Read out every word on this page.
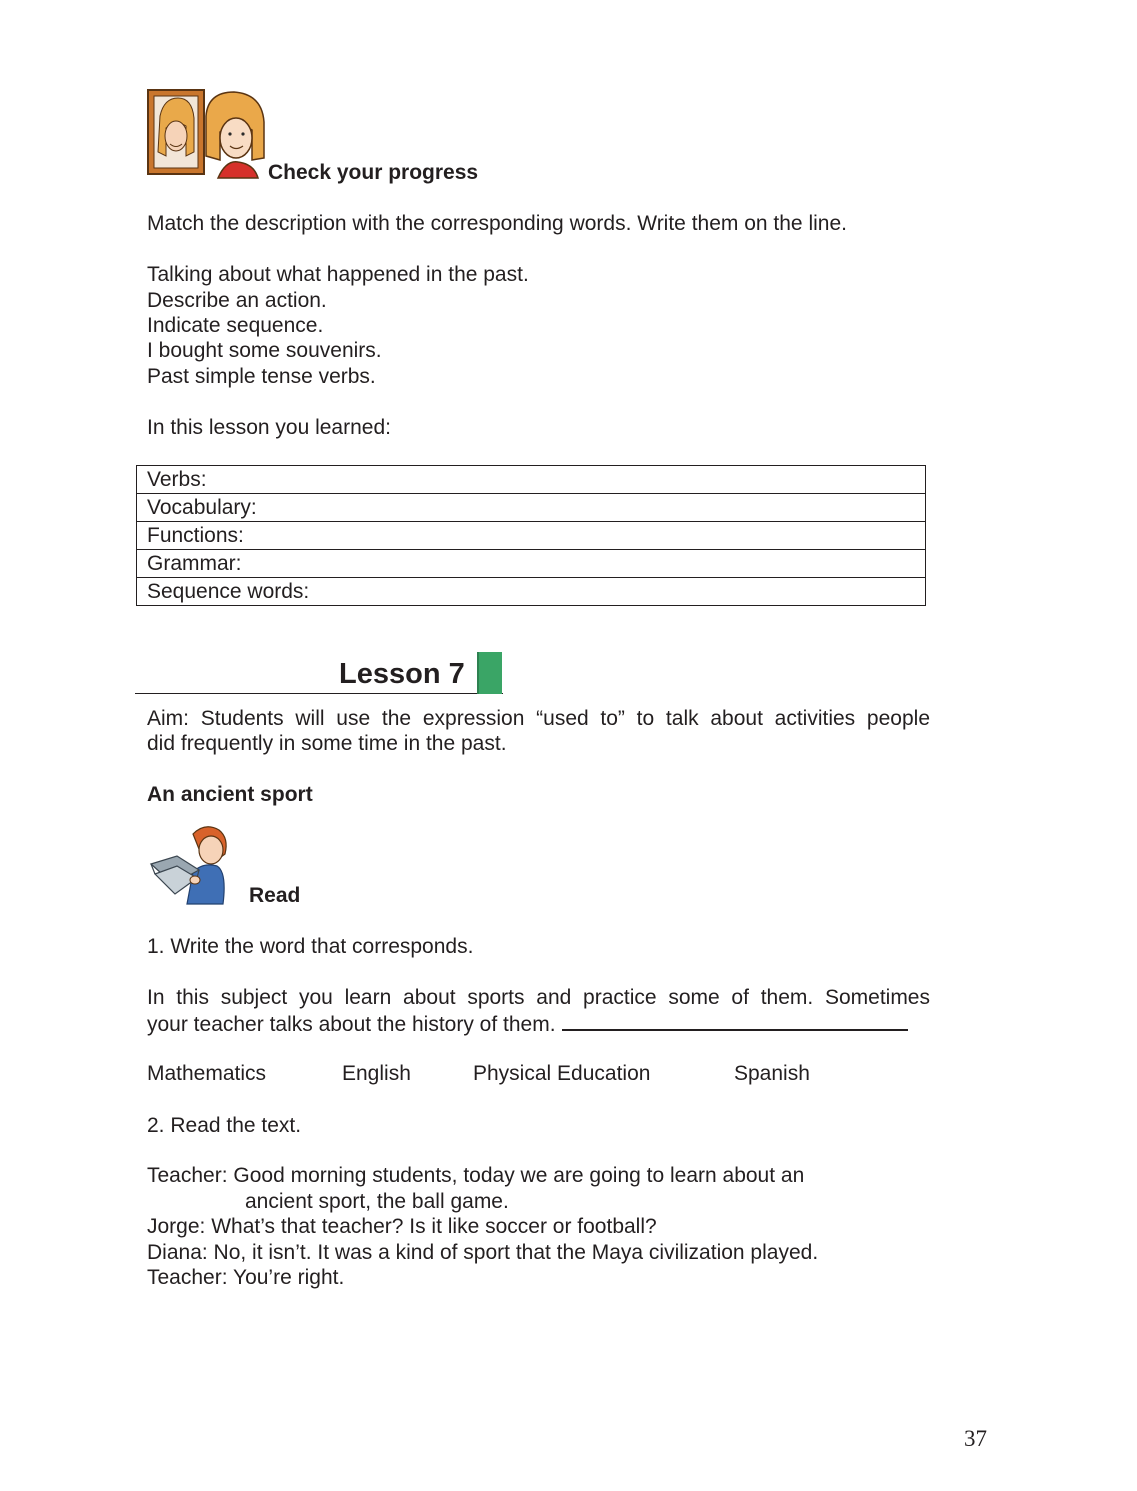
Check your progress
Match the description with the corresponding words. Write them on the line.
Talking about what happened in the past.
Describe an action.
Indicate sequence.
I bought some souvenirs.
Past simple tense verbs.
In this lesson you learned:
Verbs:
Vocabulary:
Functions:
Grammar:
Sequence words:
Lesson 7
Aim: Students will use the expression “used to” to talk about activities people
did frequently in some time in the past.
An ancient sport
Read
1. Write the word that corresponds.
In this subject you learn about sports and practice some of them. Sometimes
your teacher talks about the history of them.
Mathematics	English	Physical Education	Spanish
2. Read the text.
Teacher: Good morning students, today we are going to learn about an
ancient sport, the ball game.
Jorge: What’s that teacher? Is it like soccer or football?
Diana: No, it isn’t. It was a kind of sport that the Maya civilization played.
Teacher: You’re right.
37
